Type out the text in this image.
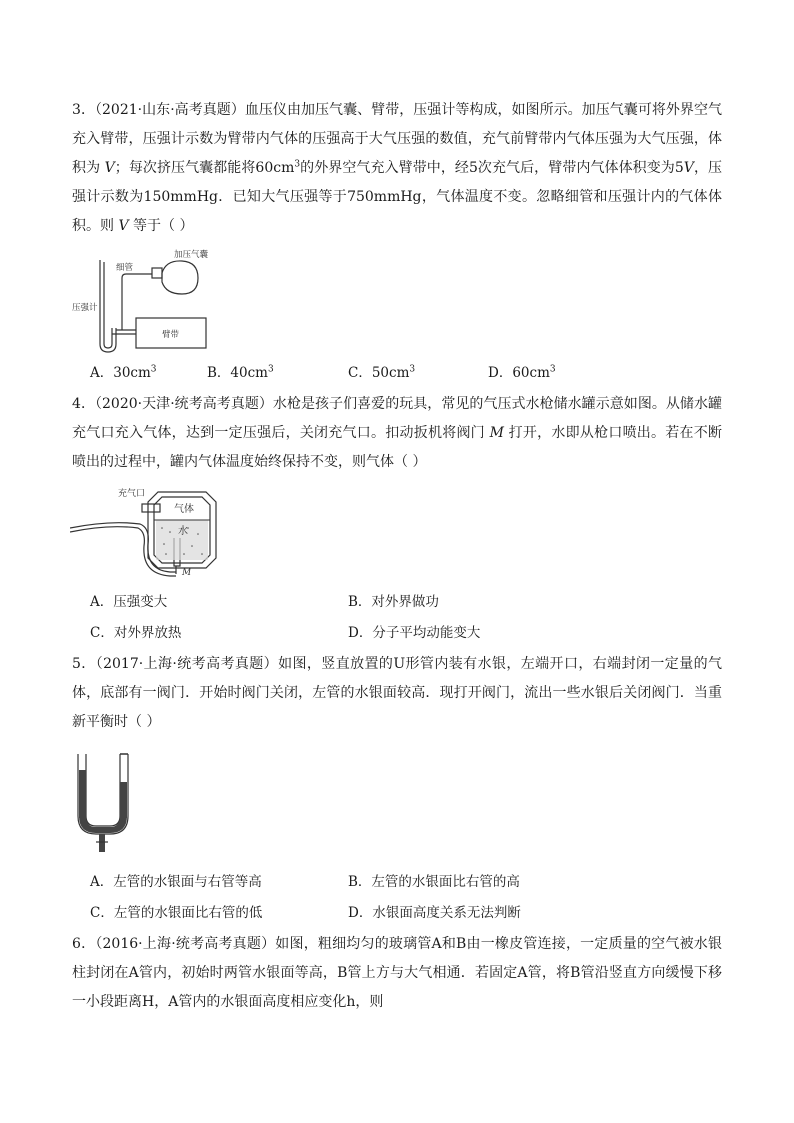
3．（2021·山东·高考真题）血压仪由加压气囊、臂带，压强计等构成，如图所示。加压气囊可将外界空气充入臂带，压强计示数为臂带内气体的压强高于大气压强的数值，充气前臂带内气体压强为大气压强，体积为 V；每次挤压气囊都能将$60cm^3$的外界空气充入臂带中，经5次充气后，臂带内气体体积变为5V，压强计示数为150mmHg．已知大气压强等于750mmHg，气体温度不变。忽略细管和压强计内的气体体积。则 V 等于（ ）

加压气囊
细管
压强计
臂带
A．$30cm^3$	B．$40cm^3$	C．$50cm^3$	D．$60cm^3$

4．（2020·天津·统考高考真题）水枪是孩子们喜爱的玩具，常见的气压式水枪储水罐示意如图。从储水罐充气口充入气体，达到一定压强后，关闭充气口。扣动扳机将阀门 M 打开，水即从枪口喷出。若在不断喷出的过程中，罐内气体温度始终保持不变，则气体（ ）

充气口
气体
水
M
A．压强变大	B．对外界做功
C．对外界放热	D．分子平均动能变大

5．（2017·上海·统考高考真题）如图，竖直放置的U形管内装有水银，左端开口，右端封闭一定量的气体，底部有一阀门．开始时阀门关闭，左管的水银面较高．现打开阀门，流出一些水银后关闭阀门．当重新平衡时（ ）

A．左管的水银面与右管等高	B．左管的水银面比右管的高
C．左管的水银面比右管的低	D．水银面高度关系无法判断

6．（2016·上海·统考高考真题）如图，粗细均匀的玻璃管A和B由一橡皮管连接，一定质量的空气被水银柱封闭在A管内，初始时两管水银面等高，B管上方与大气相通．若固定A管，将B管沿竖直方向缓慢下移一小段距离H，A管内的水银面高度相应变化h，则
